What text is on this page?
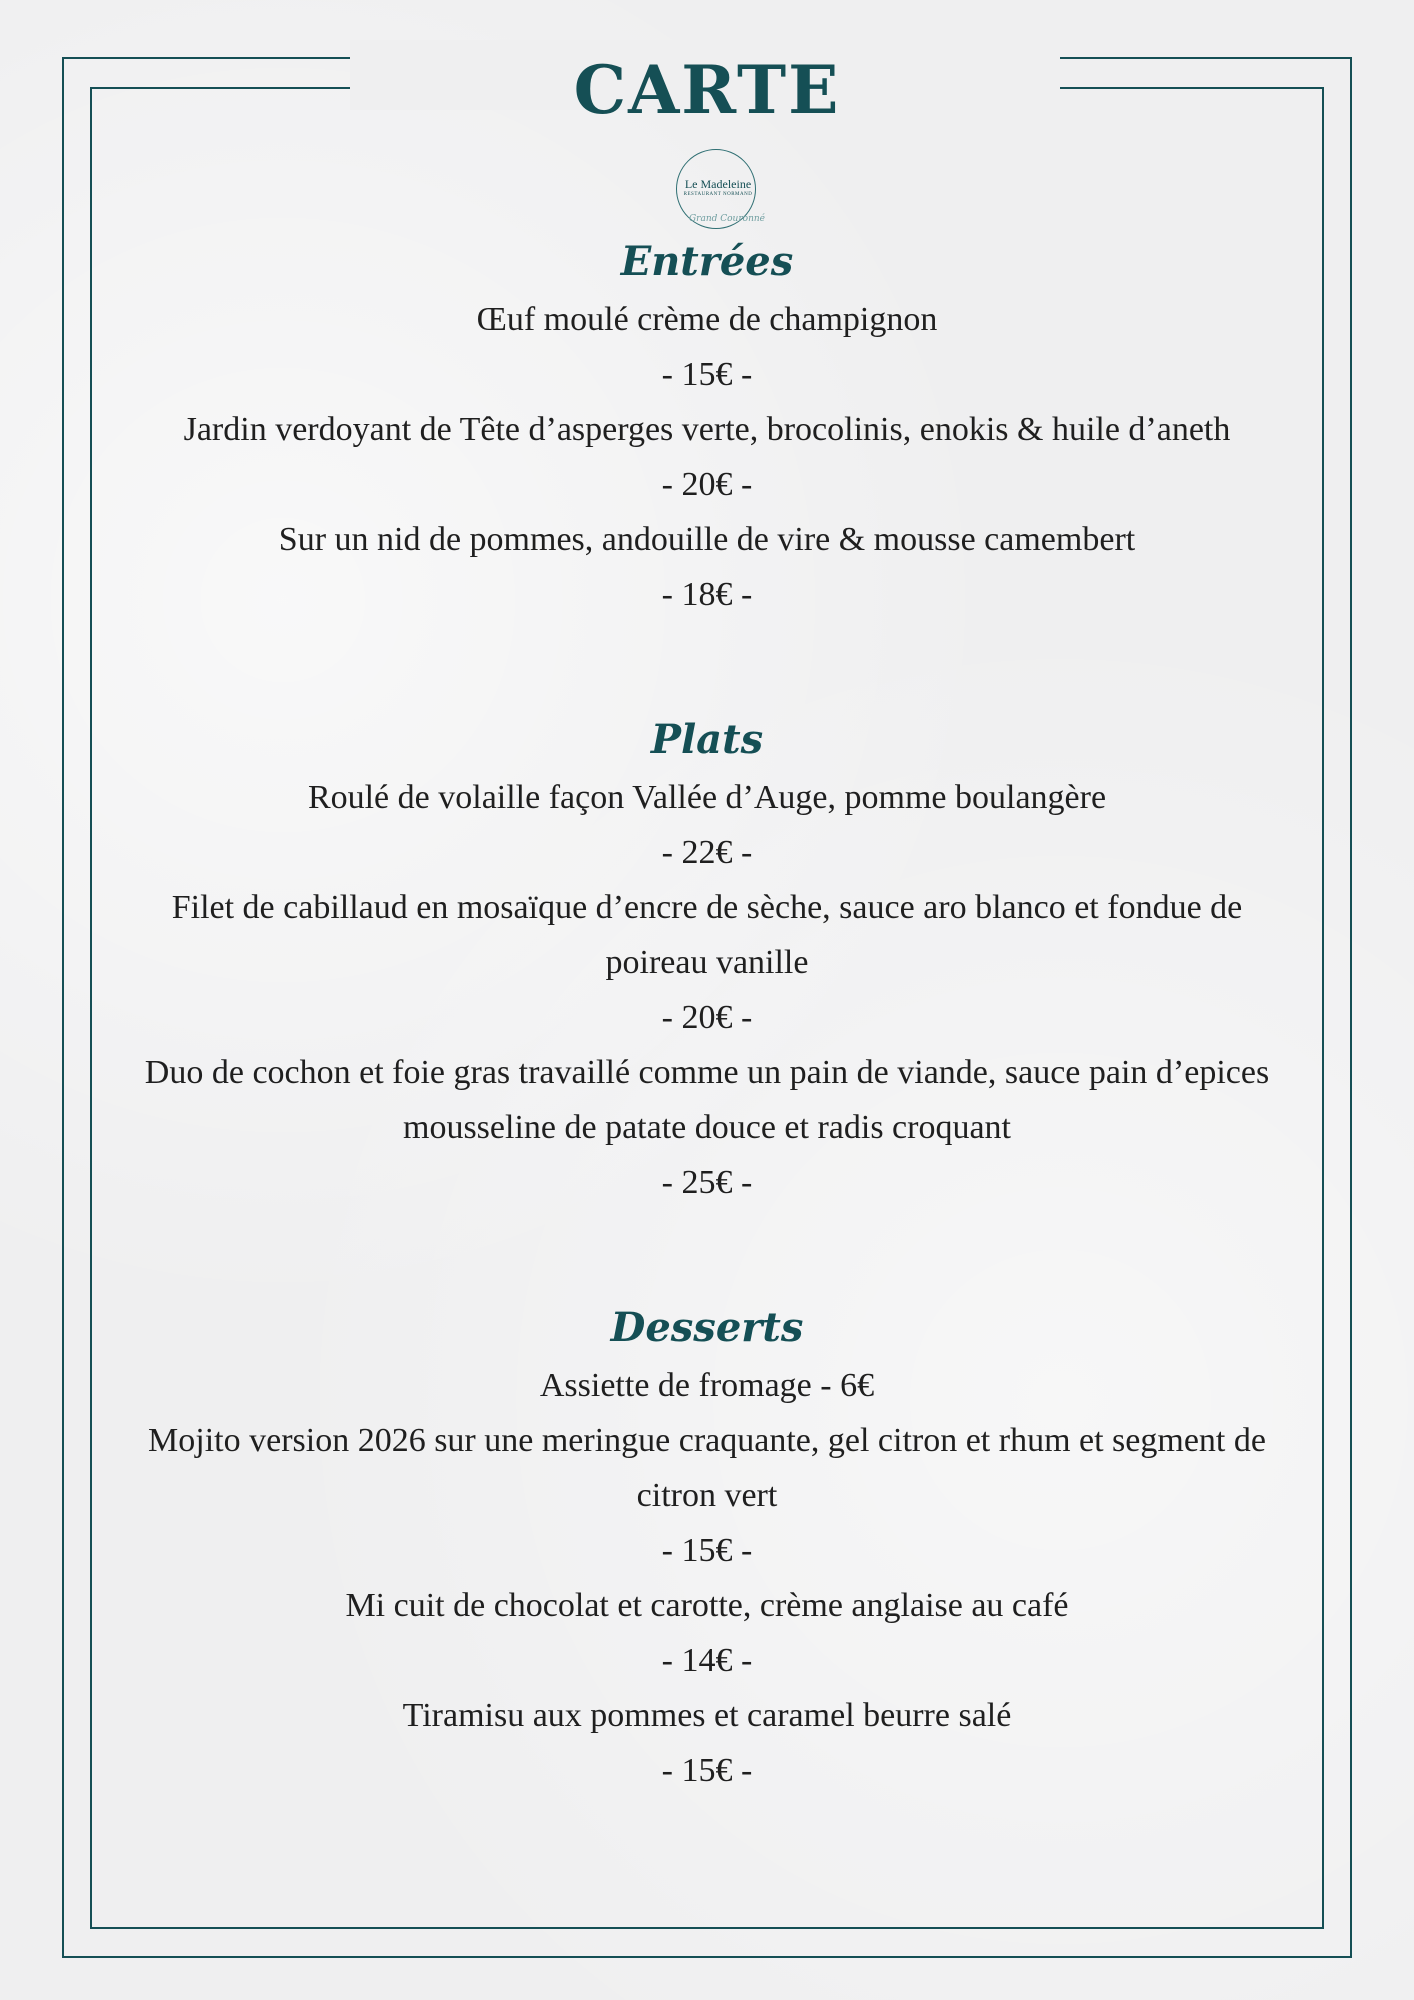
CARTE
Le Madeleine
RESTAURANT NORMAND
Grand Couronné
Entrées

Œuf moulé crème de champignon

- 15€ -

Jardin verdoyant de Tête d’asperges verte, brocolinis, enokis & huile d’aneth

- 20€ -

Sur un nid de pommes, andouille de vire & mousse camembert

- 18€ -

Plats

Roulé de volaille façon Vallée d’Auge, pomme boulangère

- 22€ -

Filet de cabillaud en mosaïque d’encre de sèche, sauce aro blanco et fondue de poireau vanille

- 20€ -

Duo de cochon et foie gras travaillé comme un pain de viande, sauce pain d’epices mousseline de patate douce et radis croquant

- 25€ -

Desserts

Assiette de fromage - 6€

Mojito version 2026 sur une meringue craquante, gel citron et rhum et segment de citron vert

- 15€ -

Mi cuit de chocolat et carotte, crème anglaise au café

- 14€ -

Tiramisu aux pommes et caramel beurre salé

- 15€ -
